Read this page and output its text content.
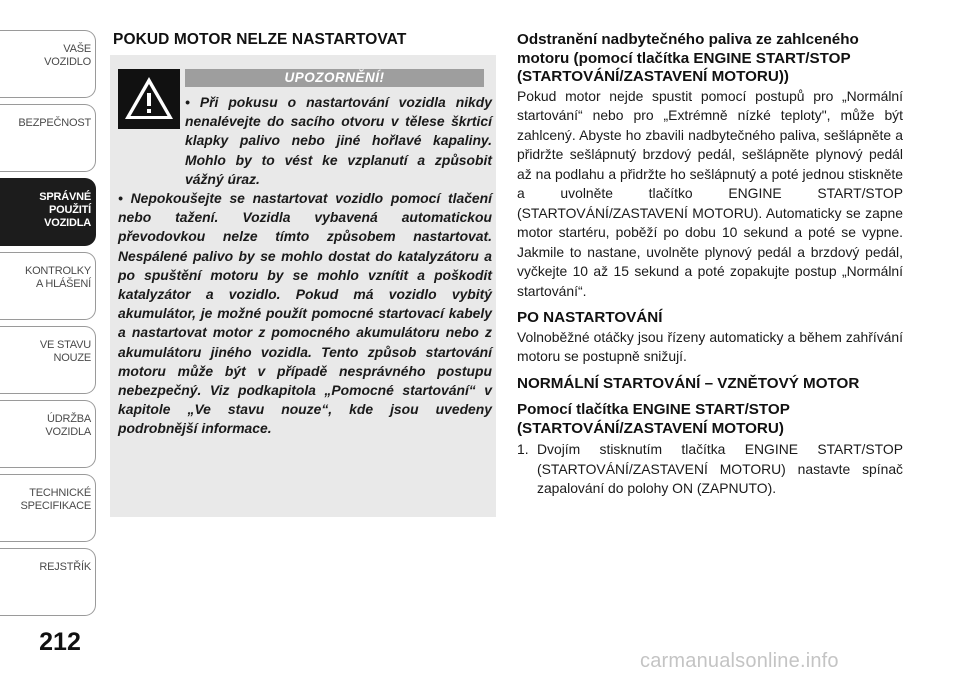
VAŠE
VOZIDLO
BEZPEČNOST
SPRÁVNÉ
POUŽITÍ
VOZIDLA
KONTROLKY
A HLÁŠENÍ
VE STAVU
NOUZE
ÚDRŽBA
VOZIDLA
TECHNICKÉ
SPECIFIKACE
REJSTŘÍK
212
POKUD MOTOR NELZE NASTARTOVAT
UPOZORNĚNÍ!

• Při pokusu o nastartování vozidla nikdy nenalévejte do sacího otvoru v tělese škrticí klapky palivo nebo jiné hořlavé kapaliny. Mohlo by to vést ke vzplanutí a způsobit vážný úraz.

• Nepokoušejte se nastartovat vozidlo pomocí tlačení nebo tažení. Vozidla vybavená automatickou převodovkou nelze tímto způsobem nastartovat. Nespálené palivo by se mohlo dostat do katalyzátoru a po spuštění motoru by se mohlo vznítit a poškodit katalyzátor a vozidlo. Pokud má vozidlo vybitý akumulátor, je možné použít pomocné startovací kabely a nastartovat motor z pomocného akumulátoru nebo z akumulátoru jiného vozidla. Tento způsob startování motoru může být v případě nesprávného postupu nebezpečný. Viz podkapitola „Pomocné startování“ v kapitole „Ve stavu nouze“, kde jsou uvedeny podrobnější informace.

Odstranění nadbytečného paliva ze zahlceného motoru (pomocí tlačítka ENGINE START/STOP (STARTOVÁNÍ/ZASTAVENÍ MOTORU))

Pokud motor nejde spustit pomocí postupů pro „Normální startování“ nebo pro „Extrémně nízké teploty", může být zahlcený. Abyste ho zbavili nadbytečného paliva, sešlápněte a přidržte sešlápnutý brzdový pedál, sešlápněte plynový pedál až na podlahu a přidržte ho sešlápnutý a poté jednou stiskněte a uvolněte tlačítko ENGINE START/STOP (STARTOVÁNÍ/ZASTAVENÍ MOTORU). Automaticky se zapne motor startéru, poběží po dobu 10 sekund a poté se vypne. Jakmile to nastane, uvolněte plynový pedál a brzdový pedál, vyčkejte 10 až 15 sekund a poté zopakujte postup „Normální startování“.

PO NASTARTOVÁNÍ

Volnoběžné otáčky jsou řízeny automaticky a během zahřívání motoru se postupně snižují.

NORMÁLNÍ STARTOVÁNÍ – VZNĚTOVÝ MOTOR
Pomocí tlačítka ENGINE START/STOP (STARTOVÁNÍ/ZASTAVENÍ MOTORU)
1. Dvojím stisknutím tlačítka ENGINE START/STOP (STARTOVÁNÍ/ZASTAVENÍ MOTORU) nastavte spínač zapalování do polohy ON (ZAPNUTO).
carmanualsonline.info
